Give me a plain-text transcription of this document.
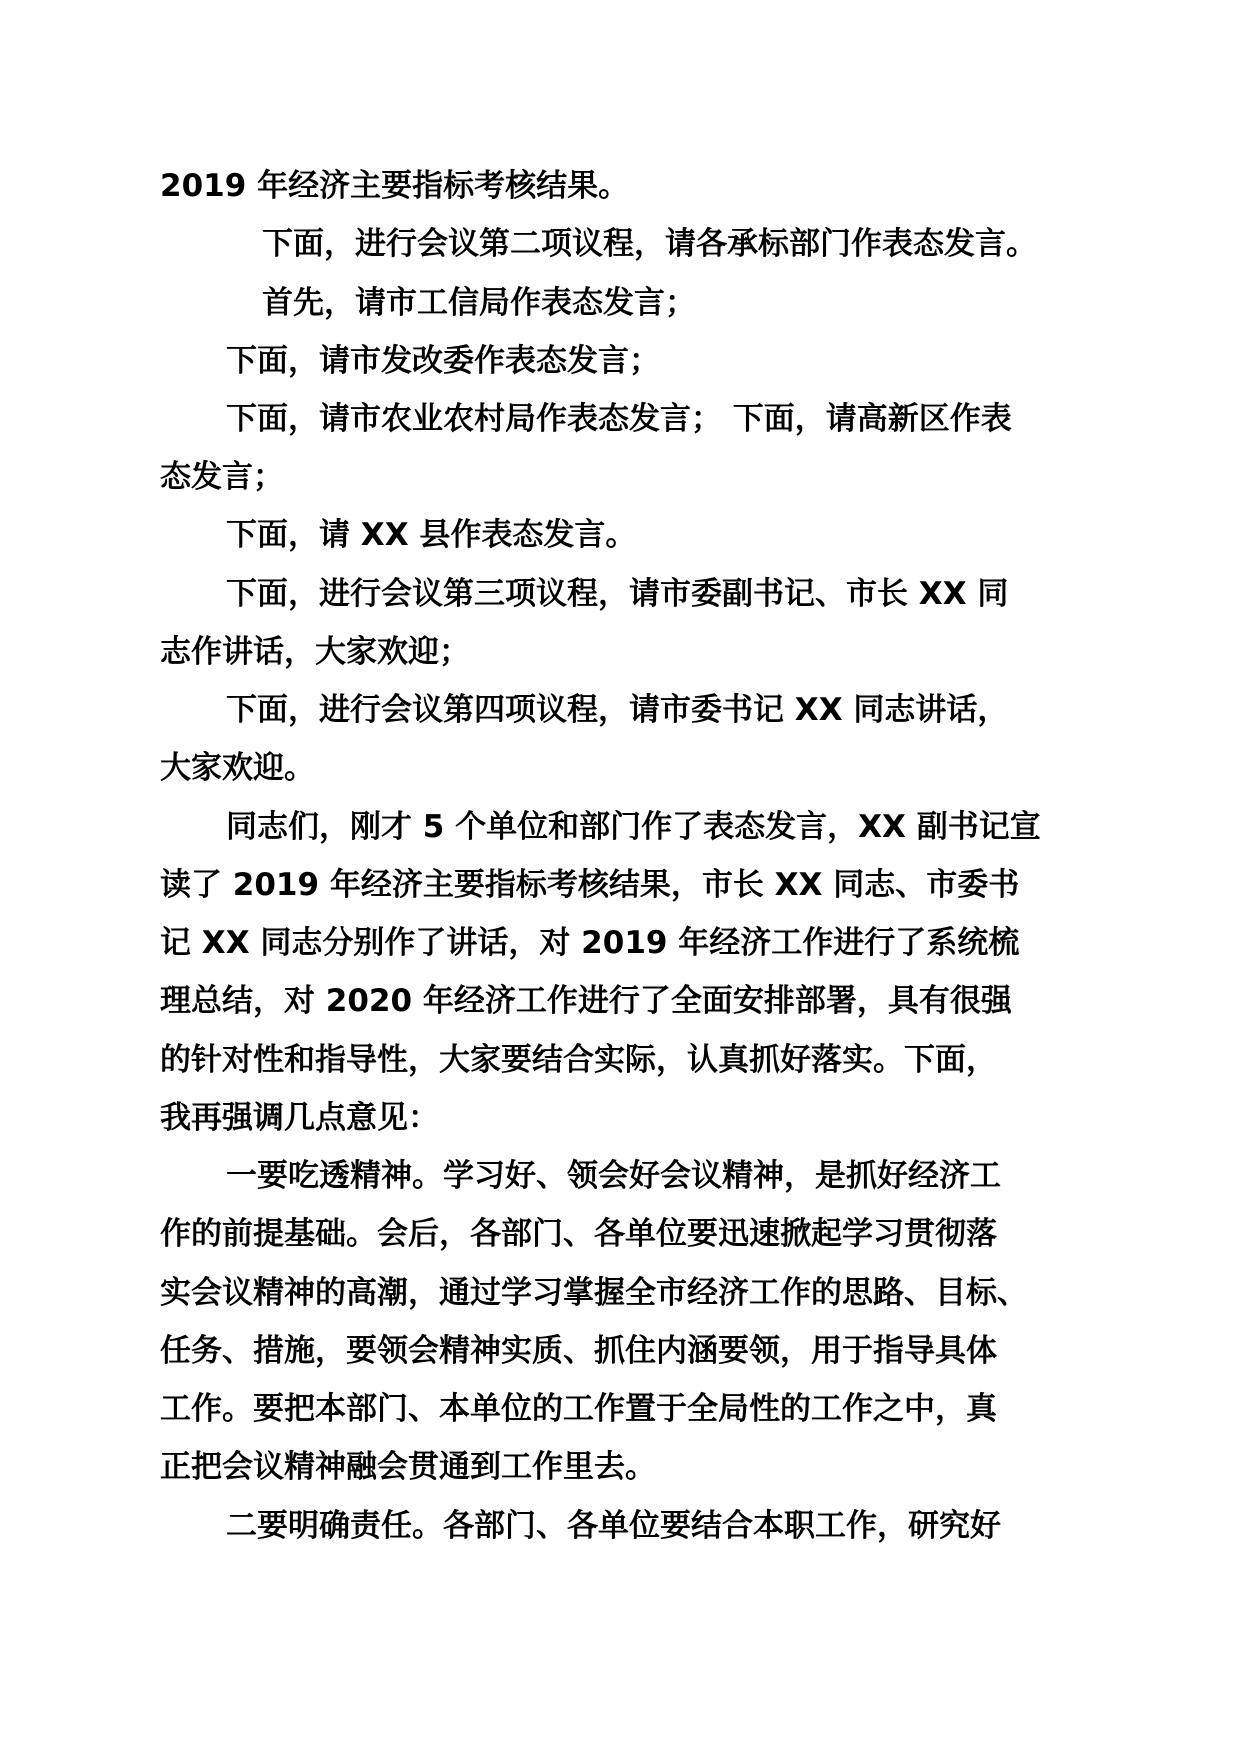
2019 年经济主要指标考核结果。
下面，进行会议第二项议程，请各承标部门作表态发言。
首先，请市工信局作表态发言；
下面，请市发改委作表态发言；
下面，请市农业农村局作表态发言； 下面，请高新区作表
态发言；
下面，请 XX 县作表态发言。
下面，进行会议第三项议程，请市委副书记、市长 XX 同
志作讲话，大家欢迎；
下面，进行会议第四项议程，请市委书记 XX 同志讲话，
大家欢迎。
同志们，刚才 5 个单位和部门作了表态发言，XX 副书记宣
读了 2019 年经济主要指标考核结果，市长 XX 同志、市委书
记 XX 同志分别作了讲话，对 2019 年经济工作进行了系统梳
理总结，对 2020 年经济工作进行了全面安排部署，具有很强
的针对性和指导性，大家要结合实际，认真抓好落实。下面，
我再强调几点意见：
一要吃透精神。学习好、领会好会议精神，是抓好经济工
作的前提基础。会后，各部门、各单位要迅速掀起学习贯彻落
实会议精神的高潮，通过学习掌握全市经济工作的思路、目标、
任务、措施，要领会精神实质、抓住内涵要领，用于指导具体
工作。要把本部门、本单位的工作置于全局性的工作之中，真
正把会议精神融会贯通到工作里去。
二要明确责任。各部门、各单位要结合本职工作，研究好
